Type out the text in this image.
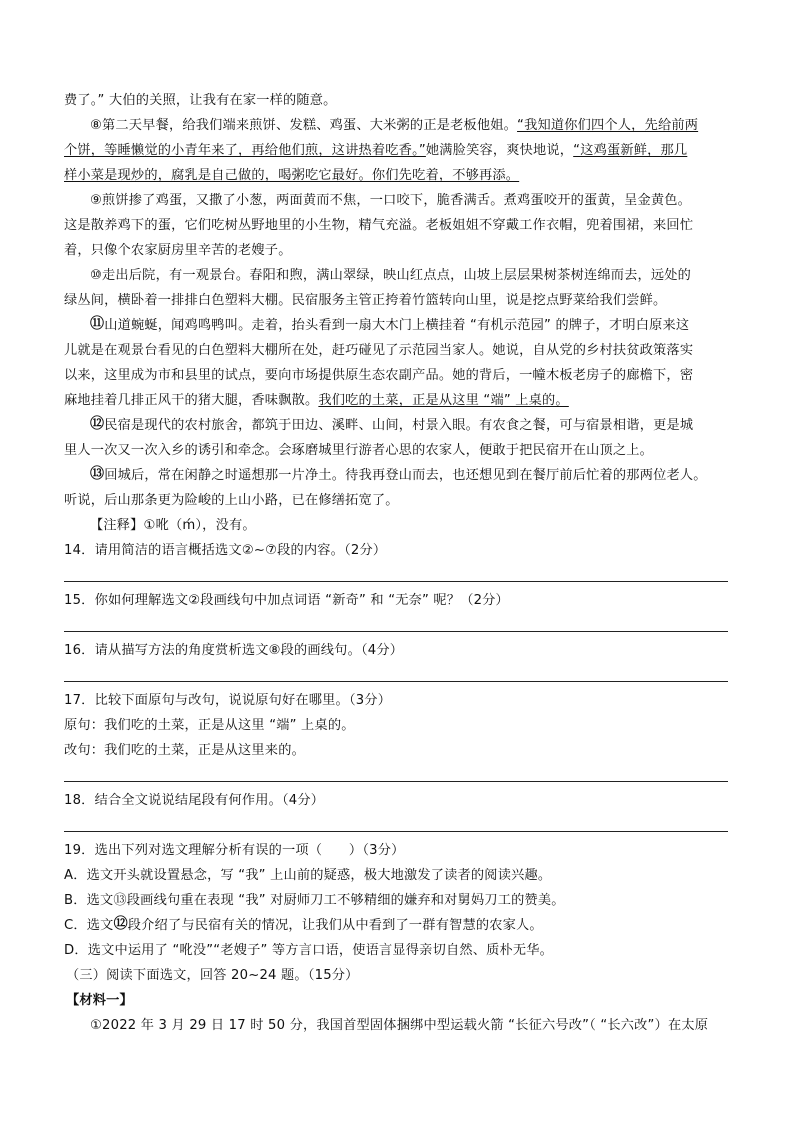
费了。” 大伯的关照，让我有在家一样的随意。
⑧第二天早餐，给我们端来煎饼、发糕、鸡蛋、大米粥的正是老板他姐。“我知道你们四个人，先给前两
个饼，等睡懒觉的小青年来了，再给他们煎，这讲热着吃香。”她满脸笑容，爽快地说，“这鸡蛋新鲜，那几
样小菜是现炒的，腐乳是自己做的，喝粥吃它最好。你们先吃着，不够再添。
⑨煎饼掺了鸡蛋，又撒了小葱，两面黄而不焦，一口咬下，脆香满舌。煮鸡蛋咬开的蛋黄，呈金黄色。
这是散养鸡下的蛋，它们吃树丛野地里的小生物，精气充溢。老板姐姐不穿戴工作衣帽，兜着围裙，来回忙
着，只像个农家厨房里辛苦的老嫂子。
⑩走出后院，有一观景台。春阳和煦，满山翠绿，映山红点点，山坡上层层果树茶树连绵而去，远处的
绿丛间，横卧着一排排白色塑料大棚。民宿服务主管正挎着竹篮转向山里，说是挖点野菜给我们尝鲜。
⑪山道蜿蜒，闻鸡鸣鸭叫。走着，抬头看到一扇大木门上横挂着 “有机示范园” 的牌子，才明白原来这
儿就是在观景台看见的白色塑料大棚所在处，赶巧碰见了示范园当家人。她说，自从党的乡村扶贫政策落实
以来，这里成为市和县里的试点，要向市场提供原生态农副产品。她的背后，一幢木板老房子的廊檐下，密
麻地挂着几排正风干的猪大腿，香味飘散。我们吃的土菜，正是从这里 “端” 上桌的。
⑫民宿是现代的农村旅舍，都筑于田边、溪畔、山间，村景入眼。有农食之餐，可与宿景相谐，更是城
里人一次又一次入乡的诱引和牵念。会琢磨城里行游者心思的农家人，便敢于把民宿开在山顶之上。
⑬回城后，常在闲静之时遥想那一片净土。待我再登山而去，也还想见到在餐厅前后忙着的那两位老人。
听说，后山那条更为险峻的上山小路，已在修缮拓宽了。
【注释】①吪（ḿ），没有。
14．请用简洁的语言概括选文②~⑦段的内容。（2分）
15．你如何理解选文②段画线句中加点词语 “新奇” 和 “无奈” 呢？（2分）
16．请从描写方法的角度赏析选文⑧段的画线句。（4分）
17．比较下面原句与改句，说说原句好在哪里。（3分）
原句：我们吃的土菜，正是从这里 “端” 上桌的。
改句：我们吃的土菜，正是从这里来的。
18．结合全文说说结尾段有何作用。（4分）
19．选出下列对选文理解分析有误的一项（　　）（3分）
A．选文开头就设置悬念，写 “我” 上山前的疑惑，极大地激发了读者的阅读兴趣。
B．选文⑬段画线句重在表现 “我” 对厨师刀工不够精细的嫌弃和对舅妈刀工的赞美。
C．选文⑫段介绍了与民宿有关的情况，让我们从中看到了一群有智慧的农家人。
D．选文中运用了 “吪没”“老嫂子” 等方言口语，使语言显得亲切自然、质朴无华。
（三）阅读下面选文，回答 20~24 题。（15分）
【材料一】
①2022 年 3 月 29 日 17 时 50 分，我国首型固体捆绑中型运载火箭 “长征六号改”（ “长六改”）在太原
